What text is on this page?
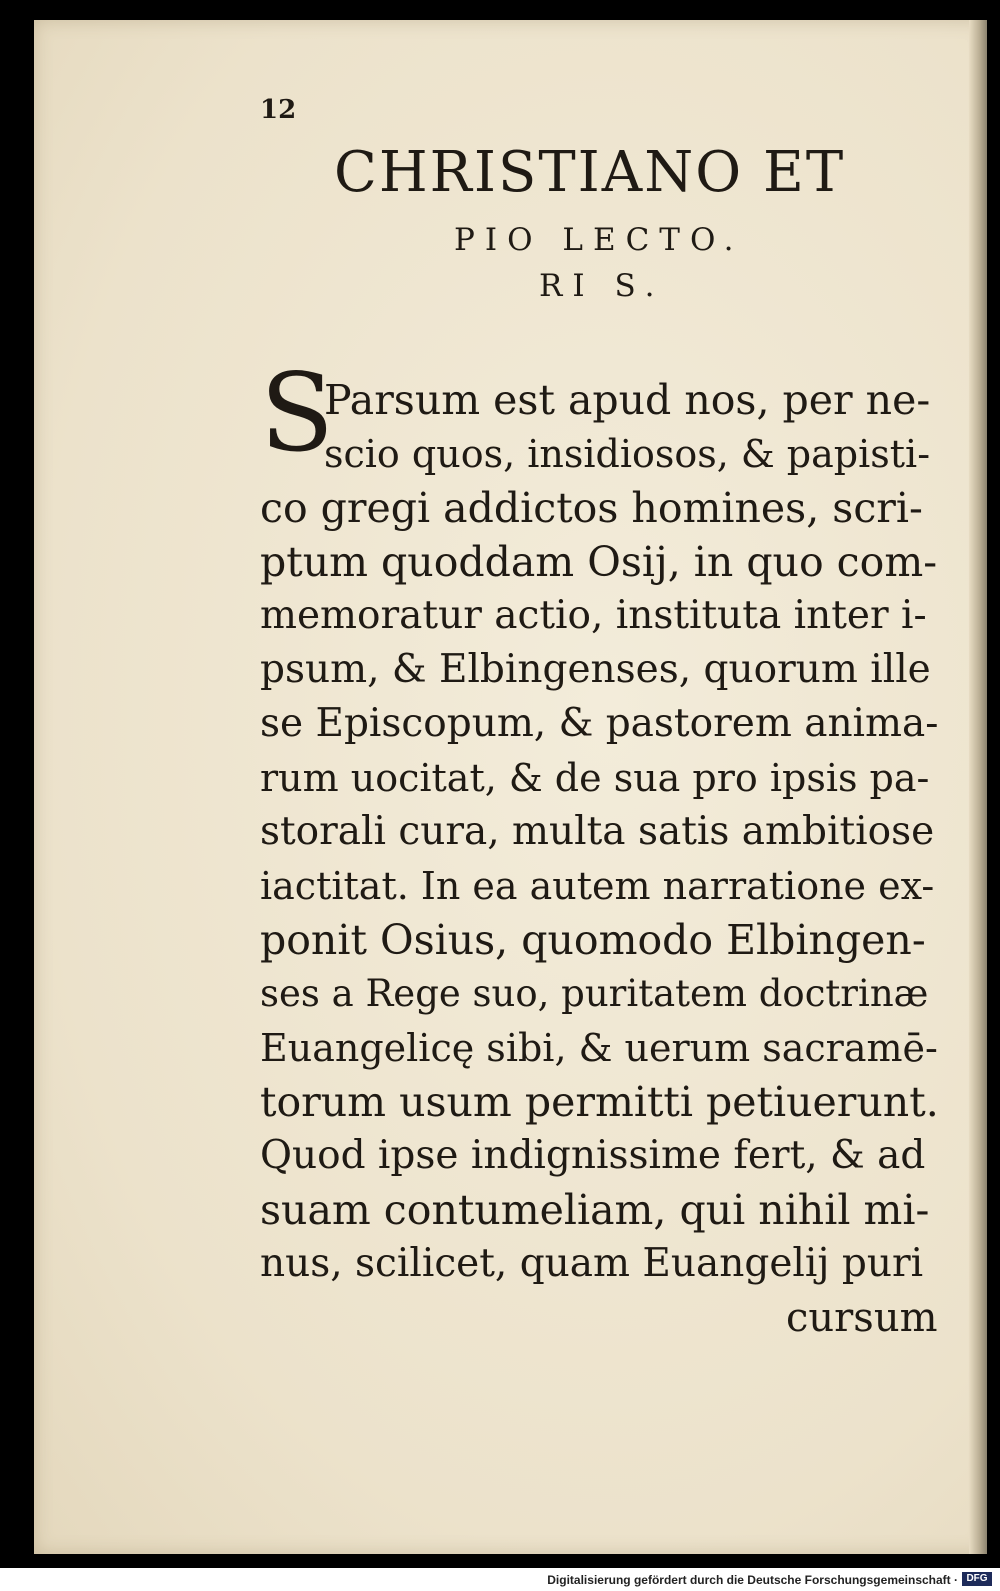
12
CHRISTIANO ET
PIO LECTO.
RI S.
S
Parsum est apud nos, per ne-
scio quos, insidiosos, & papisti-
co gregi addictos homines, scri-
ptum quoddam Osij, in quo com-
memoratur actio, instituta inter i-
psum, & Elbingenses, quorum ille
se Episcopum, & pastorem anima-
rum uocitat, & de sua pro ipsis pa-
storali cura, multa satis ambitiose
iactitat. In ea autem narratione ex-
ponit Osius, quomodo Elbingen-
ses a Rege suo, puritatem doctrinæ
Euangelicę sibi, & uerum sacramē-
torum usum permitti petiuerunt.
Quod ipse indignissime fert, & ad
suam contumeliam, qui nihil mi-
nus, scilicet, quam Euangelij puri
cursum
Digitalisierung gefördert durch die Deutsche Forschungsgemeinschaft · DFG
